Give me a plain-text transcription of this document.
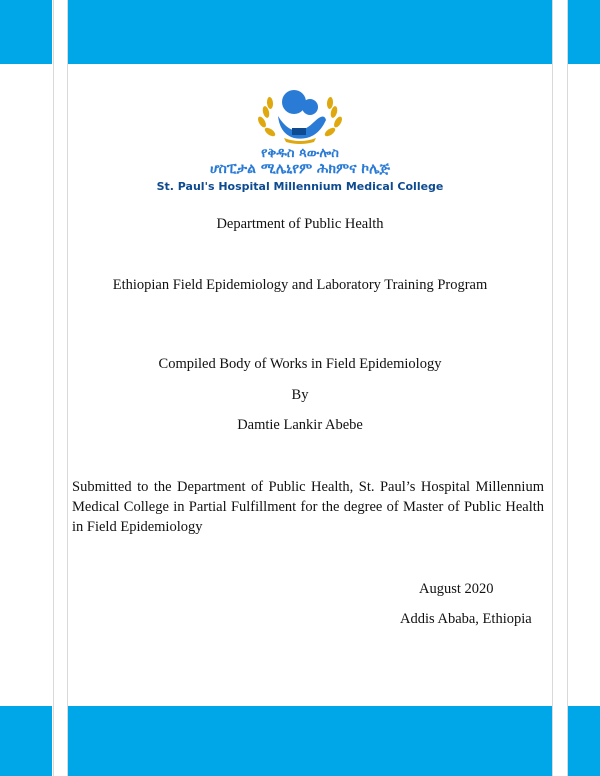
የቅዱስ ጳውሎስ
ሆስፒታል ሚሌኒየም ሕክምና ኮሌጅ
St. Paul's Hospital Millennium Medical College
Department of Public Health
Ethiopian Field Epidemiology and Laboratory Training Program
Compiled Body of Works in Field Epidemiology
By
Damtie Lankir Abebe
Submitted to the Department of Public Health, St. Paul’s Hospital Millennium Medical College in Partial Fulfillment for the degree of Master of Public Health in Field Epidemiology
August 2020
Addis Ababa, Ethiopia
